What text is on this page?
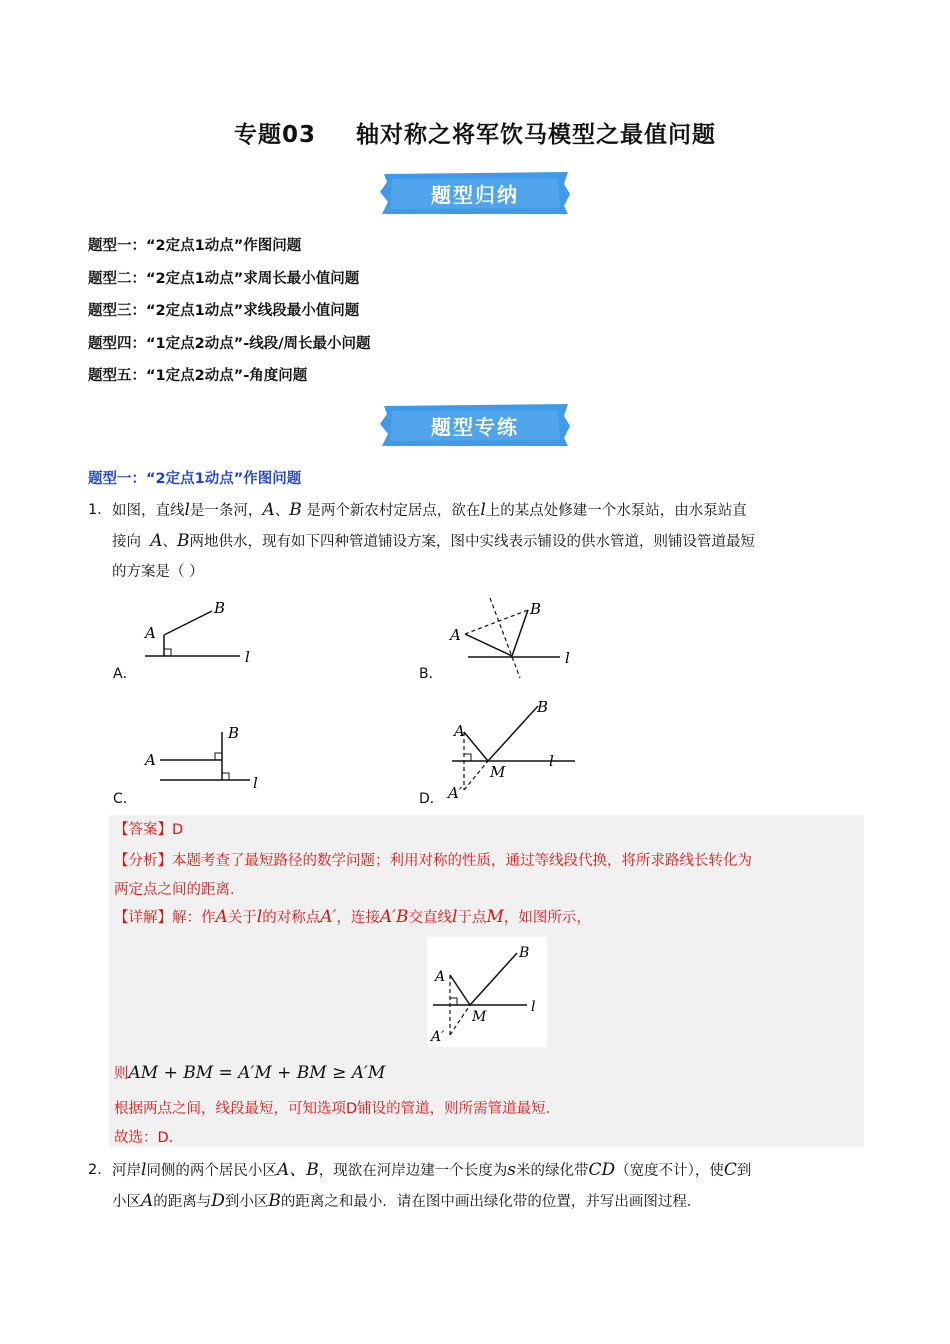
专题03 轴对称之将军饮马模型之最值问题
题型归纳
题型一：“2定点1动点”作图问题
题型二：“2定点1动点”求周长最小值问题
题型三：“2定点1动点”求线段最小值问题
题型四：“1定点2动点”-线段/周长最小问题
题型五：“1定点2动点”-角度问题
题型专练
题型一：“2定点1动点”作图问题
1． 如图，直线l是一条河，A、B 是两个新农村定居点，欲在l上的某点处修建一个水泵站，由水泵站直
接向 A、B两地供水，现有如下四种管道铺设方案，图中实线表示铺设的供水管道，则铺设管道最短
的方案是（ ）
A
B
l
A．
A
B
l
B．
A
B
l
C．
A
B
M
l
A′
D．
【答案】D
【分析】本题考查了最短路径的数学问题；利用对称的性质，通过等线段代换，将所求路线长转化为
两定点之间的距离．
【详解】解：作A关于l的对称点A′，连接A′B交直线l于点M，如图所示，
A
B
M
l
A′
则AM + BM = A′M + BM ≥ A′M
根据两点之间，线段最短，可知选项D铺设的管道，则所需管道最短．
故选：D．
2． 河岸l同侧的两个居民小区A、B，现欲在河岸边建一个长度为s米的绿化带CD（宽度不计），使C到
小区A的距离与D到小区B的距离之和最小．请在图中画出绿化带的位置，并写出画图过程．
